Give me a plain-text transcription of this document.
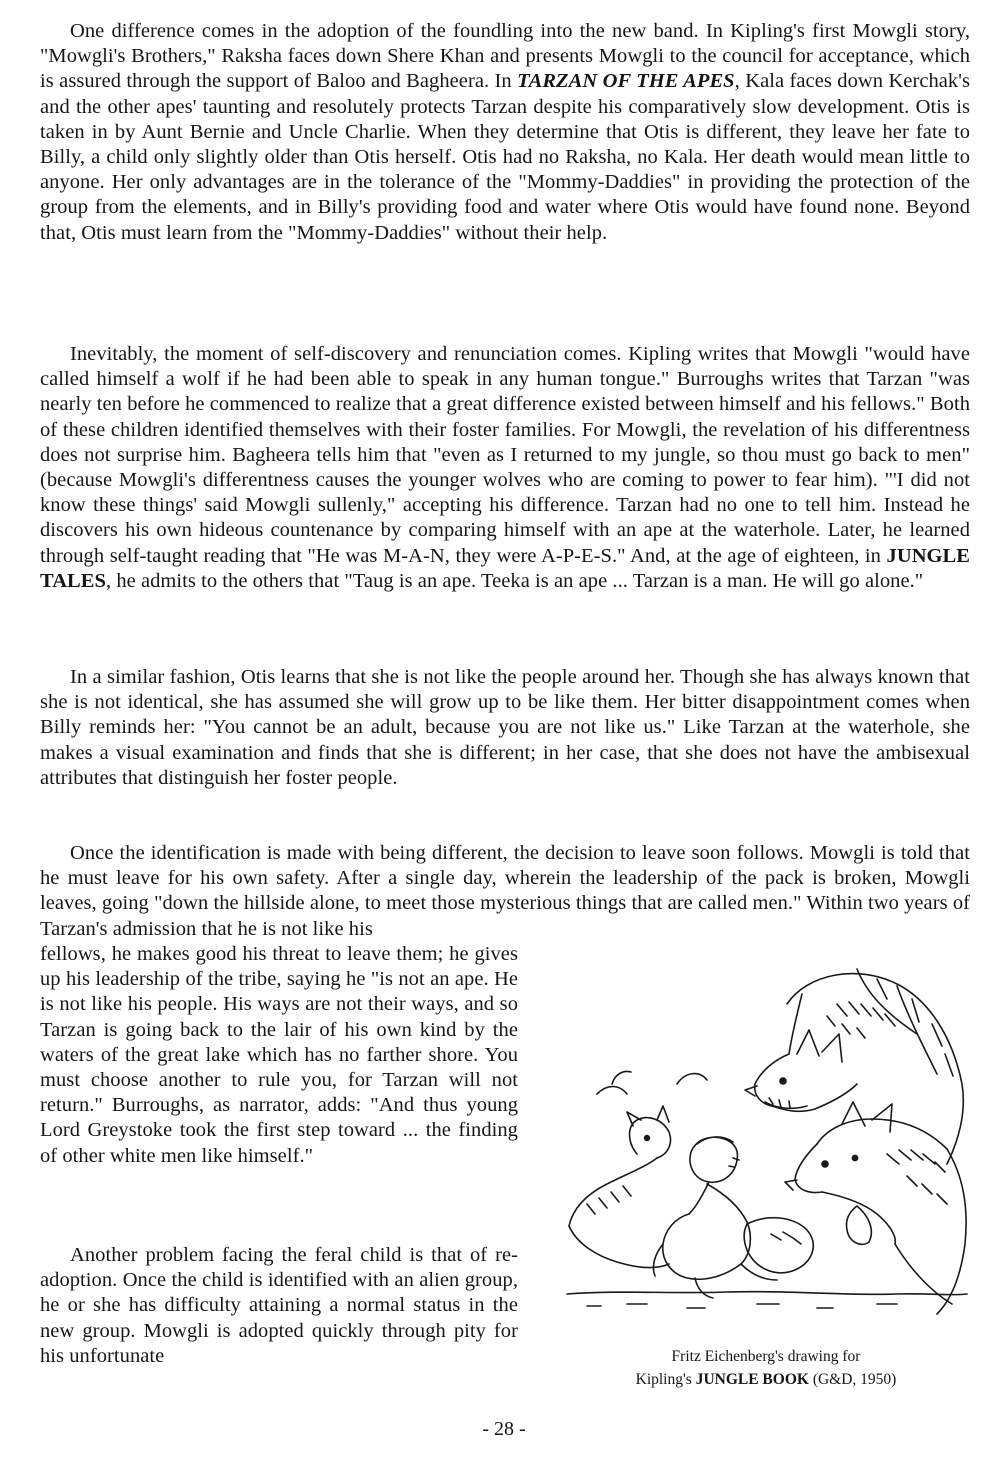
One difference comes in the adoption of the foundling into the new band. In Kipling's first Mowgli story, "Mowgli's Brothers," Raksha faces down Shere Khan and presents Mowgli to the council for acceptance, which is assured through the support of Baloo and Bagheera. In TARZAN OF THE APES, Kala faces down Kerchak's and the other apes' taunting and resolutely protects Tarzan despite his comparatively slow development. Otis is taken in by Aunt Bernie and Uncle Charlie. When they determine that Otis is different, they leave her fate to Billy, a child only slightly older than Otis herself. Otis had no Raksha, no Kala. Her death would mean little to anyone. Her only advantages are in the tolerance of the "Mommy-Daddies" in providing the protection of the group from the elements, and in Billy's providing food and water where Otis would have found none. Beyond that, Otis must learn from the "Mommy-Daddies" without their help.

Inevitably, the moment of self-discovery and renunciation comes. Kipling writes that Mowgli "would have called himself a wolf if he had been able to speak in any human tongue." Burroughs writes that Tarzan "was nearly ten before he commenced to realize that a great difference existed between himself and his fellows." Both of these children identified themselves with their foster families. For Mowgli, the revelation of his differentness does not surprise him. Bagheera tells him that "even as I returned to my jungle, so thou must go back to men" (because Mowgli's differentness causes the younger wolves who are coming to power to fear him). "'I did not know these things' said Mowgli sullenly," accepting his difference. Tarzan had no one to tell him. Instead he discovers his own hideous countenance by comparing himself with an ape at the waterhole. Later, he learned through self-taught reading that "He was M-A-N, they were A-P-E-S." And, at the age of eighteen, in JUNGLE TALES, he admits to the others that "Taug is an ape. Teeka is an ape ... Tarzan is a man. He will go alone."

In a similar fashion, Otis learns that she is not like the people around her. Though she has always known that she is not identical, she has assumed she will grow up to be like them. Her bitter disappointment comes when Billy reminds her: "You cannot be an adult, because you are not like us." Like Tarzan at the waterhole, she makes a visual examination and finds that she is different; in her case, that she does not have the ambisexual attributes that distinguish her foster people.

Once the identification is made with being different, the decision to leave soon follows. Mowgli is told that he must leave for his own safety. After a single day, wherein the leadership of the pack is broken, Mowgli leaves, going "down the hillside alone, to meet those mysterious things that are called men." Within two years of Tarzan's admission that he is not like his

fellows, he makes good his threat to leave them; he gives up his leadership of the tribe, saying he "is not an ape. He is not like his people. His ways are not their ways, and so Tarzan is going back to the lair of his own kind by the waters of the great lake which has no farther shore. You must choose another to rule you, for Tarzan will not return." Burroughs, as narrator, adds: "And thus young Lord Greystoke took the first step toward ... the finding of other white men like himself."

Another problem facing the feral child is that of re-adoption. Once the child is identified with an alien group, he or she has difficulty attaining a normal status in the new group. Mowgli is adopted quickly through pity for his unfortunate	Fritz Eichenberg's drawing for
Kipling's JUNGLE BOOK (G&D, 1950)
- 28 -
